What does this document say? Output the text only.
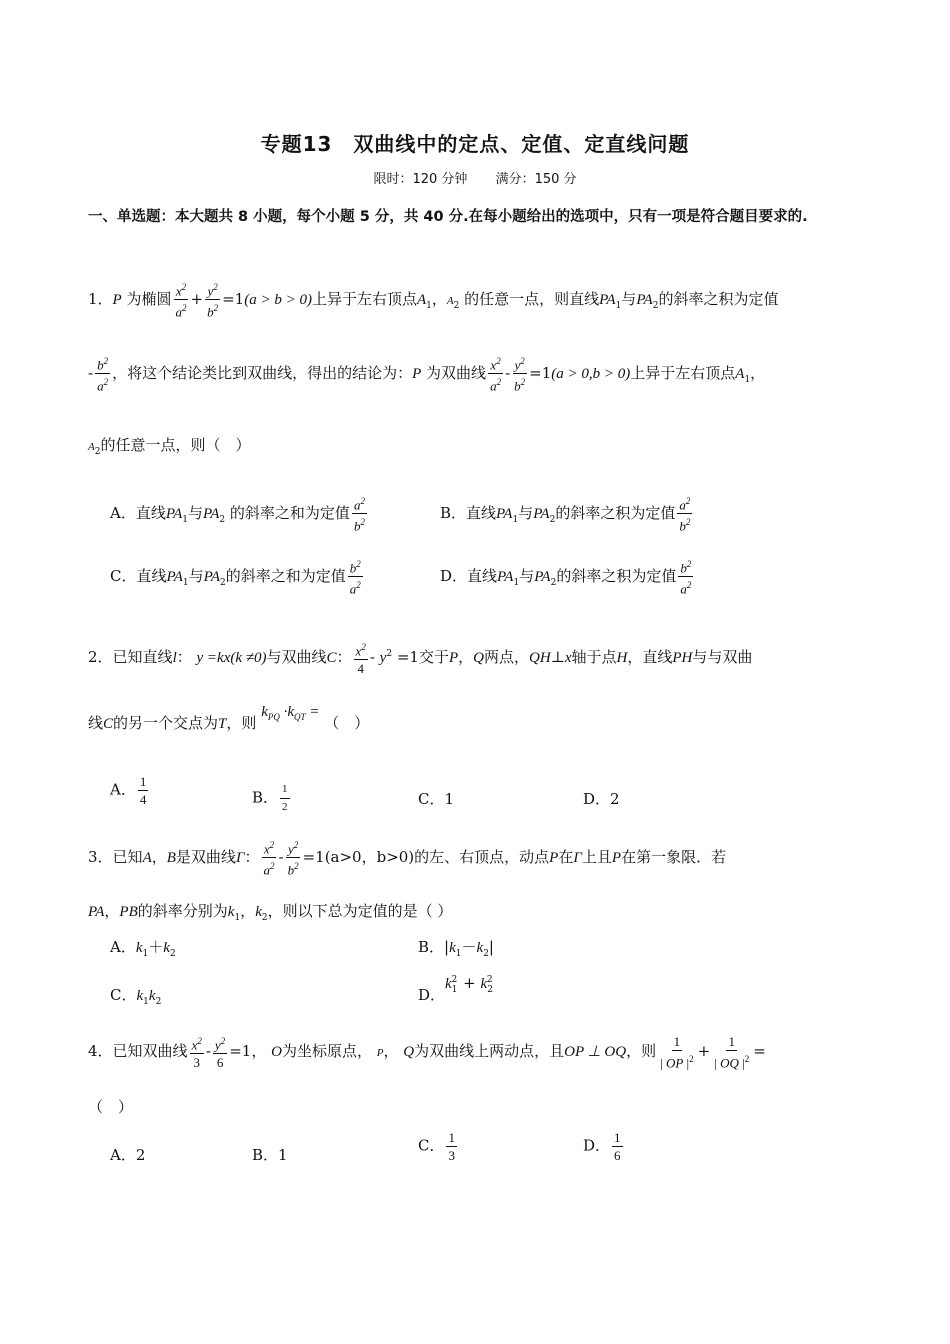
专题13　双曲线中的定点、定值、定直线问题
限时：120 分钟 满分：150 分
一、单选题：本大题共 8 小题，每个小题 5 分，共 40 分.在每小题给出的选项中，只有一项是符合题目要求的.
1．P 为椭圆 $\frac{x^2}{a^2} + \frac{y^2}{b^2} =1(a > b > 0)$上异于左右顶点$A_1$，$A_2$ 的任意一点，则直线$PA_1$与$PA_2$的斜率之积为定值
- $\frac{b^2}{a^2}$ ，将这个结论类比到双曲线，得出的结论为：P 为双曲线 $\frac{x^2}{a^2} - \frac{y^2}{b^2} =1(a > 0,b > 0)$上异于左右顶点$A_1$，
$A_2$的任意一点，则（　）
A．直线$PA_1$与$PA_2$ 的斜率之和为定值 $\frac{a^2}{b^2}$	B．直线$PA_1$与$PA_2$的斜率之积为定值 $\frac{a^2}{b^2}$
C．直线$PA_1$与$PA_2$的斜率之和为定值 $\frac{b^2}{a^2}$	D．直线$PA_1$与$PA_2$的斜率之积为定值 $\frac{b^2}{a^2}$
2．已知直线l： y =kx(k ≠0)与双曲线C： $\frac{x^2}{4} - y^2 =1$交于P，Q两点，QH⊥x轴于点H，直线PH与与双曲
线C的另一个交点为T，则 $k_{PQ} \cdot k_{QT}$ = （　）
A． $\frac{1}{4}$	B． $\frac{1}{2}$	C．1	D．2
3．已知A，B是双曲线Γ： $\frac{x^2}{a^2} - \frac{y^2}{b^2} =1(a>0$，b>0)的左、右顶点，动点P在Γ上且P在第一象限．若
PA，PB的斜率分别为$k_1$，$k_2$，则以下总为定值的是（ ）
A．$k_1+k_2$	B．$|k_1-k_2|$
C．$k_1k_2$	D．$k_1^2 + k_2^2$
4．已知双曲线 $\frac{x^2}{3} - \frac{y^2}{6} =1$， O为坐标原点， P， Q为双曲线上两动点，且OP ⊥ OQ，则 $\frac{1}{| OP |^2} + \frac{1}{| OQ |^2}$ =
（　）
A．2	B．1
C． $\frac{1}{3}$	D． $\frac{1}{6}$
